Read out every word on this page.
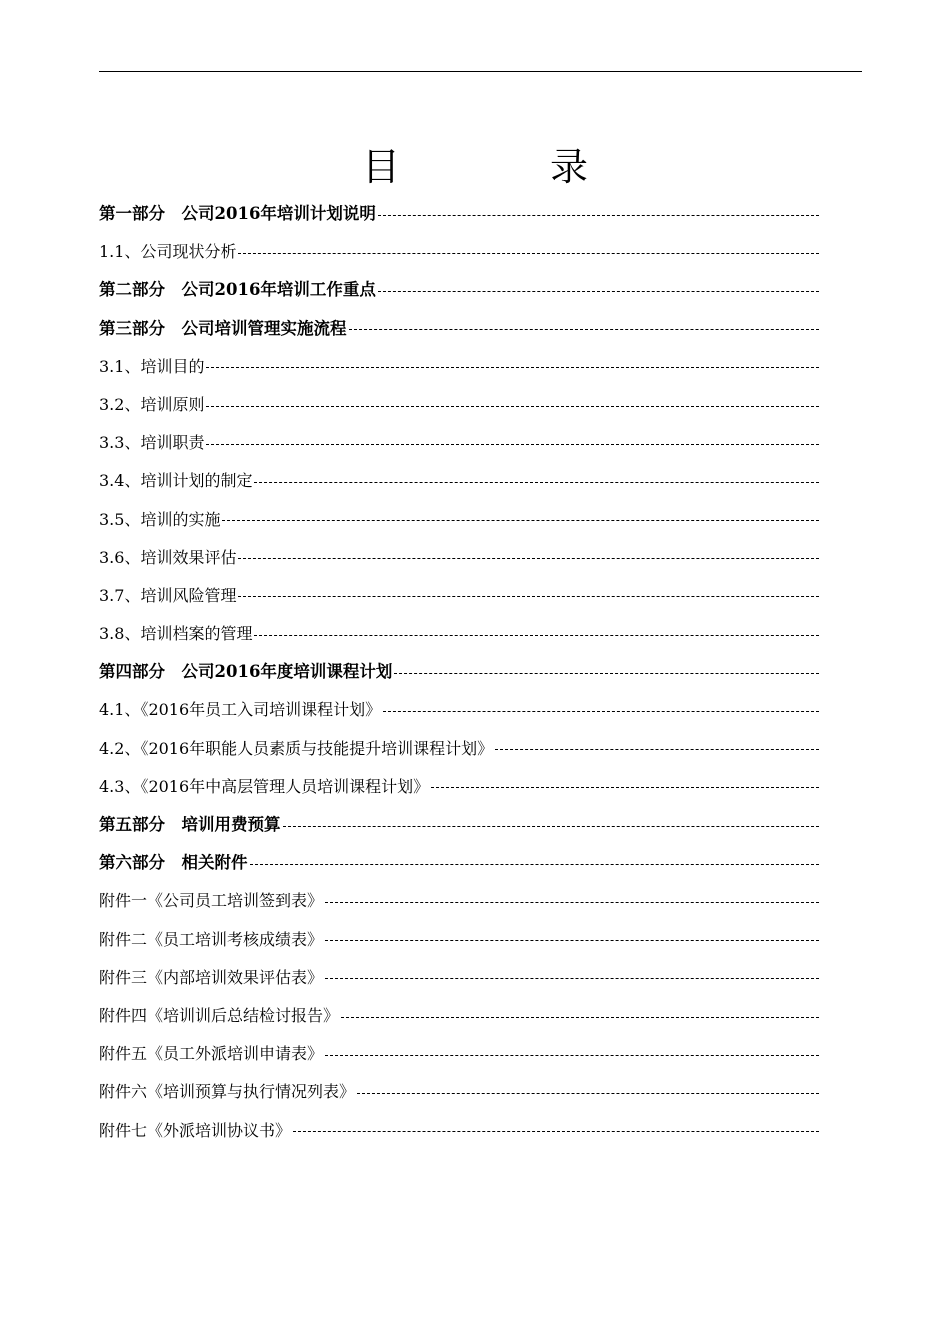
目　录
第一部分　公司2016年培训计划说明
1.1、公司现状分析
第二部分　公司2016年培训工作重点
第三部分　公司培训管理实施流程
3.1、培训目的
3.2、培训原则
3.3、培训职责
3.4、培训计划的制定
3.5、培训的实施
3.6、培训效果评估
3.7、培训风险管理
3.8、培训档案的管理
第四部分　公司2016年度培训课程计划
4.1、《2016年员工入司培训课程计划》
4.2、《2016年职能人员素质与技能提升培训课程计划》
4.3、《2016年中高层管理人员培训课程计划》
第五部分　培训用费预算
第六部分　相关附件
附件一《公司员工培训签到表》
附件二《员工培训考核成绩表》
附件三《内部培训效果评估表》
附件四《培训训后总结检讨报告》
附件五《员工外派培训申请表》
附件六《培训预算与执行情况列表》
附件七《外派培训协议书》
